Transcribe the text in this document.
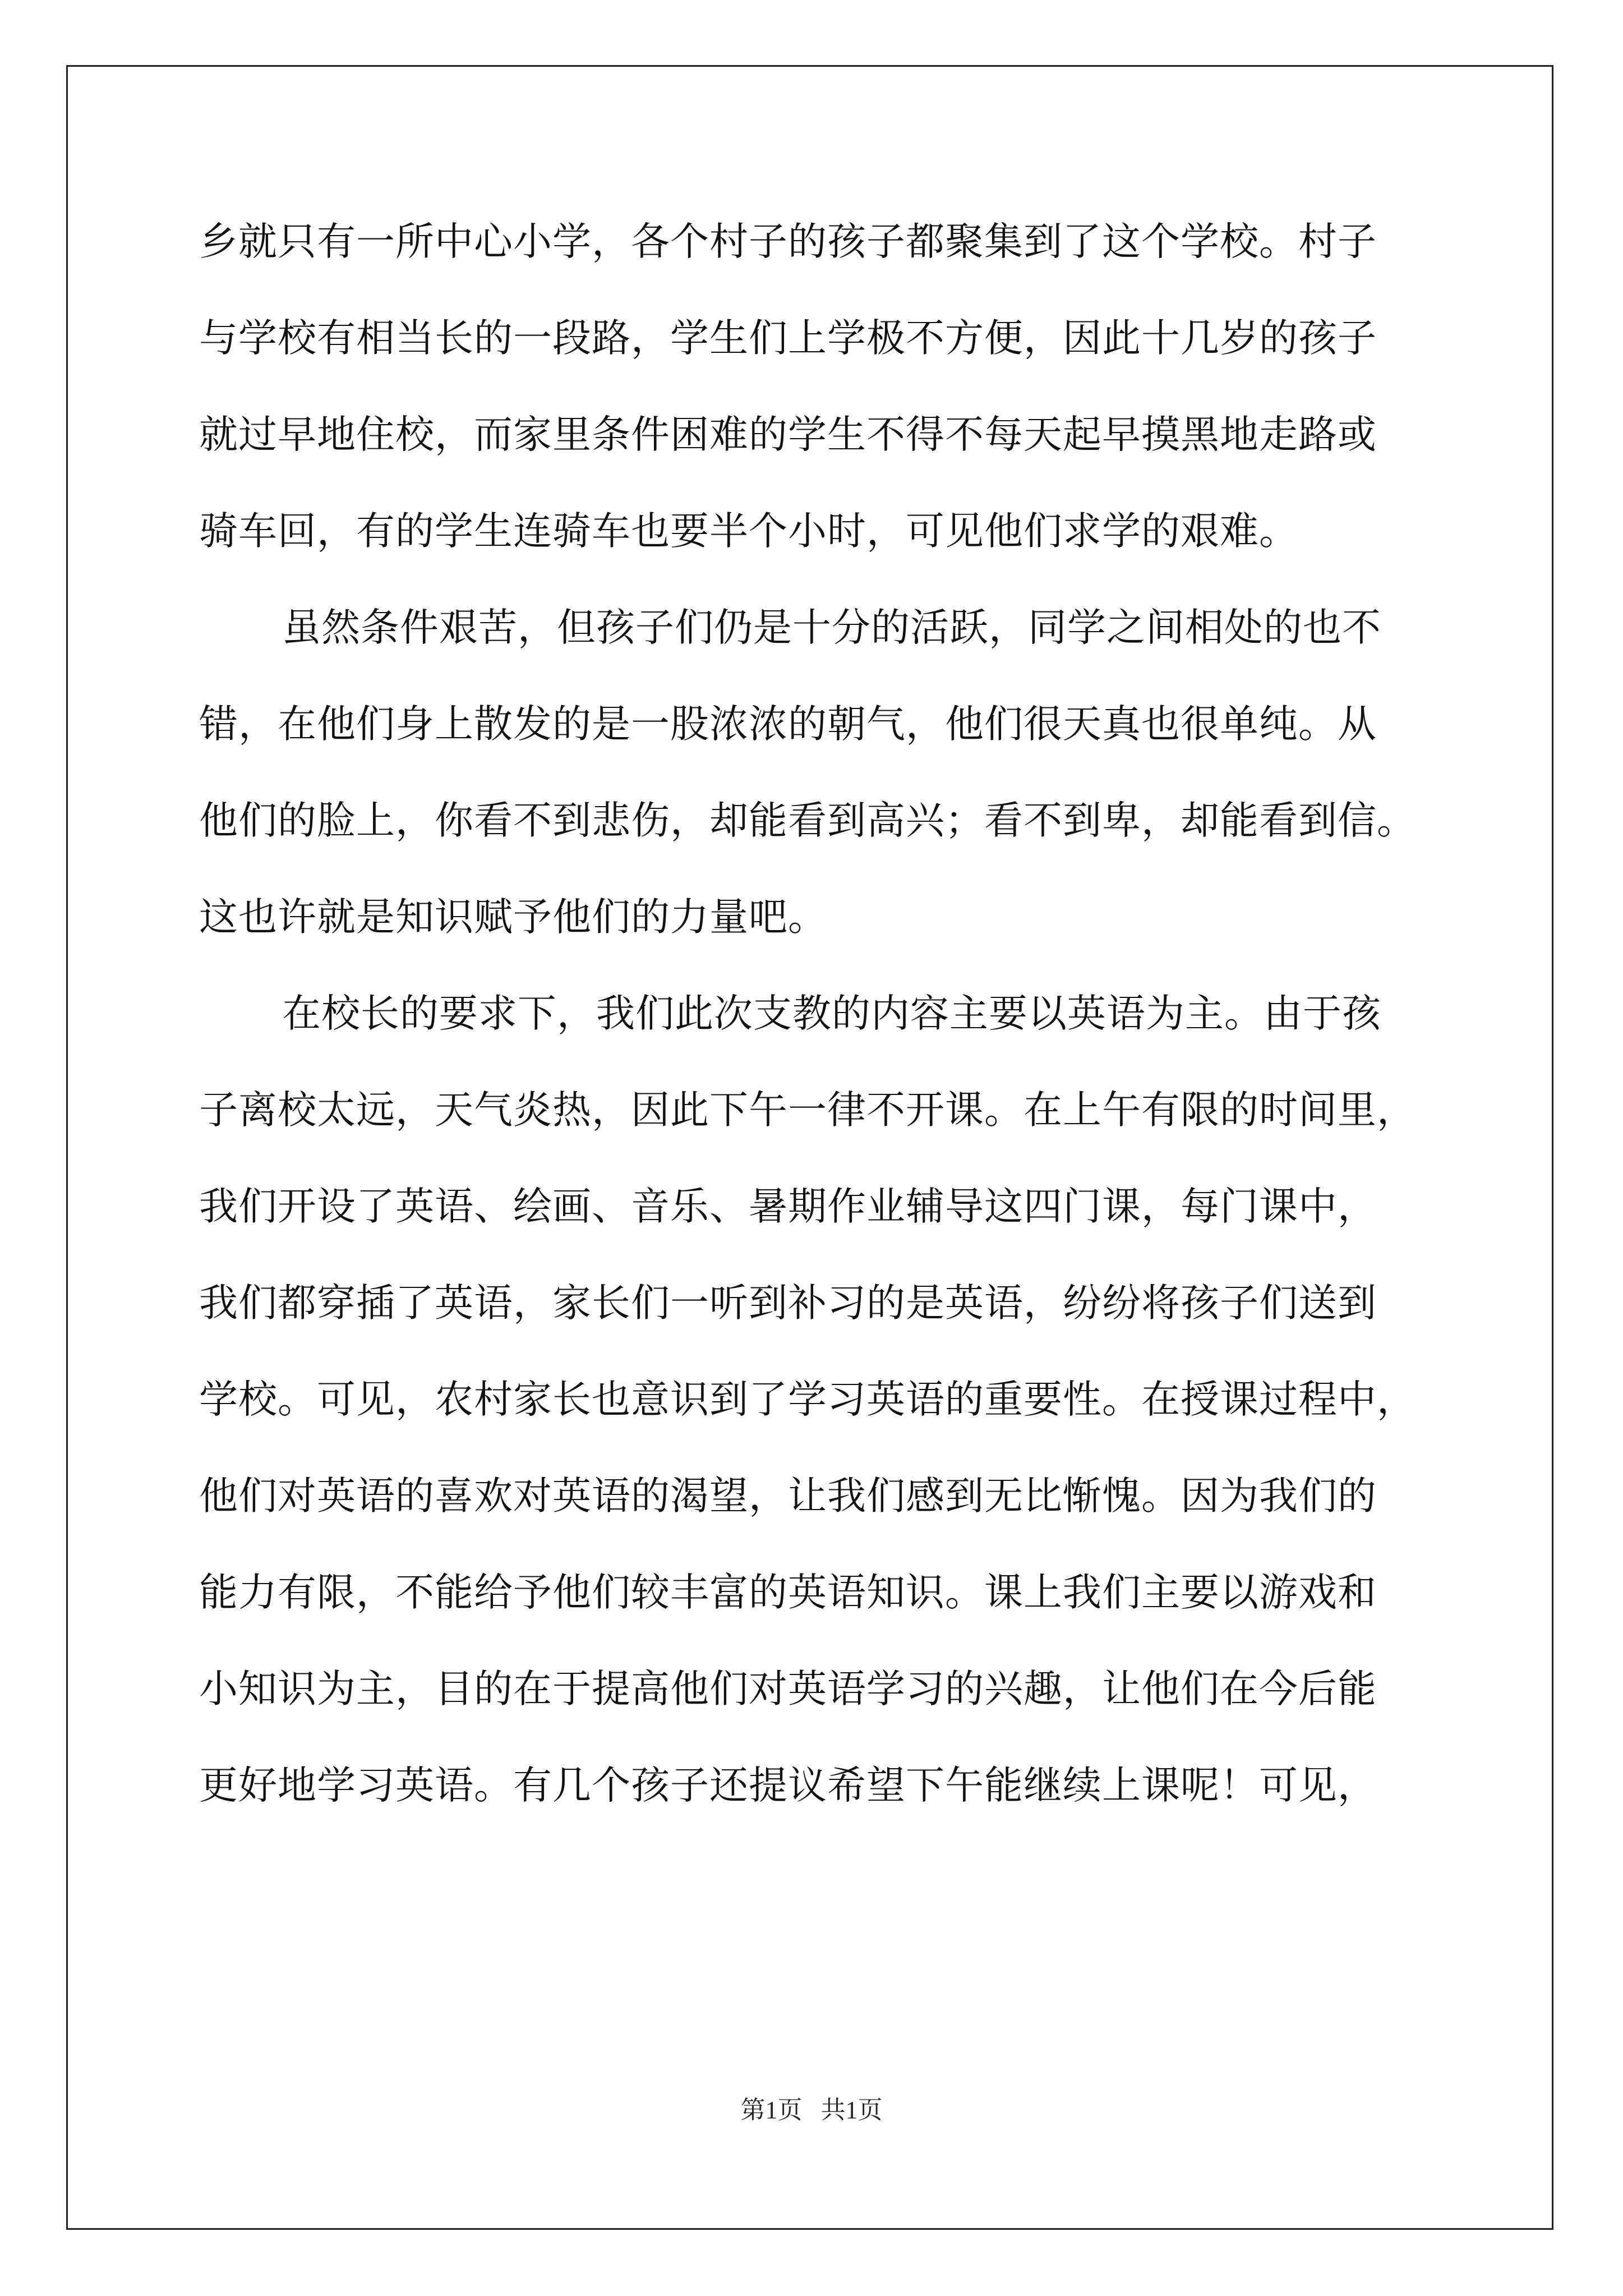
乡就只有一所中心小学，各个村子的孩子都聚集到了这个学校。村子
与学校有相当长的一段路，学生们上学极不方便，因此十几岁的孩子
就过早地住校，而家里条件困难的学生不得不每天起早摸黑地走路或
骑车回，有的学生连骑车也要半个小时，可见他们求学的艰难。
虽然条件艰苦，但孩子们仍是十分的活跃，同学之间相处的也不
错，在他们身上散发的是一股浓浓的朝气，他们很天真也很单纯。从
他们的脸上，你看不到悲伤，却能看到高兴；看不到卑，却能看到信。
这也许就是知识赋予他们的力量吧。
在校长的要求下，我们此次支教的内容主要以英语为主。由于孩
子离校太远，天气炎热，因此下午一律不开课。在上午有限的时间里，
我们开设了英语、绘画、音乐、暑期作业辅导这四门课，每门课中，
我们都穿插了英语，家长们一听到补习的是英语，纷纷将孩子们送到
学校。可见，农村家长也意识到了学习英语的重要性。在授课过程中，
他们对英语的喜欢对英语的渴望，让我们感到无比惭愧。因为我们的
能力有限，不能给予他们较丰富的英语知识。课上我们主要以游戏和
小知识为主，目的在于提高他们对英语学习的兴趣，让他们在今后能
更好地学习英语。有几个孩子还提议希望下午能继续上课呢！可见，
第1页   共1页
